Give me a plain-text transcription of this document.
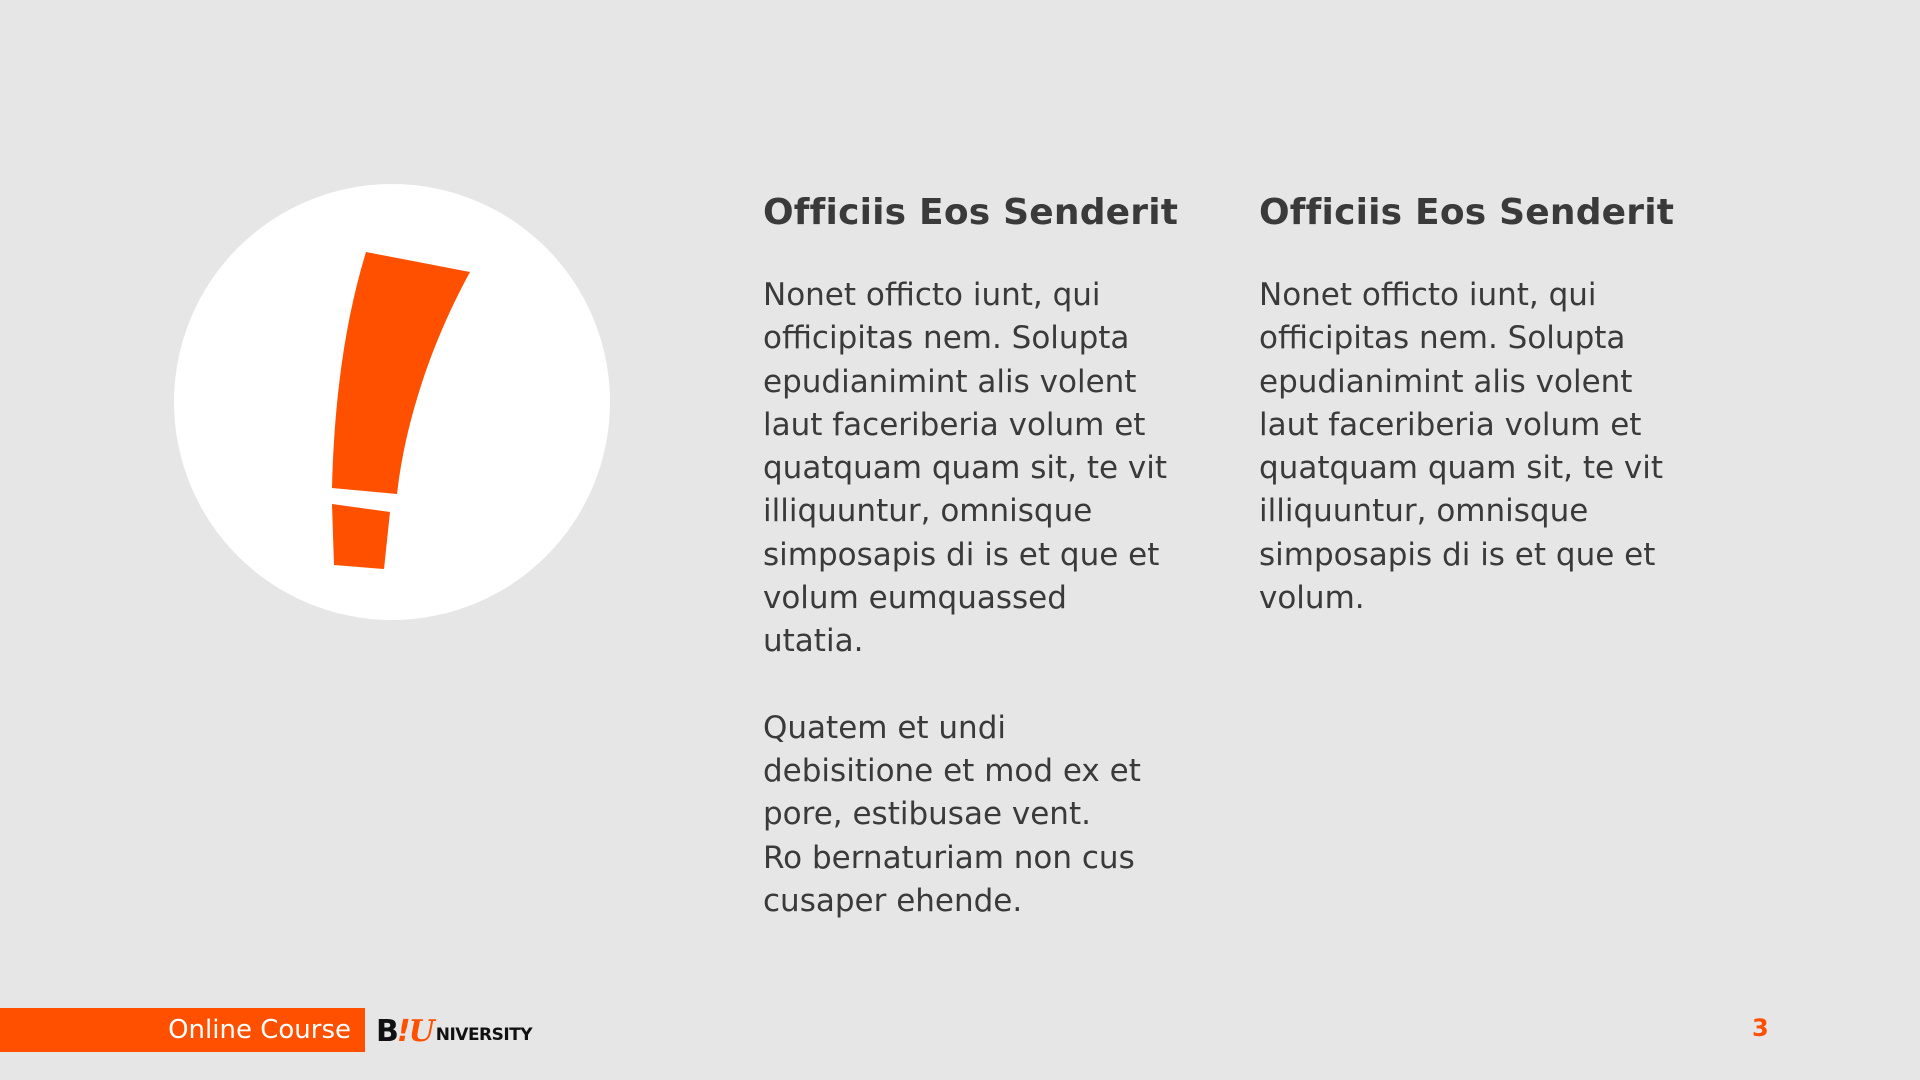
Officiis Eos Senderit

Nonet officto iunt, qui
officipitas nem. Solupta
epudianimint alis volent
laut faceriberia volum et
quatquam quam sit, te vit
illiquuntur, omnisque
simposapis di is et que et
volum eumquassed
utatia.

Quatem et undi
debisitione et mod ex et
pore, estibusae vent.
Ro bernaturiam non cus
cusaper ehende.

Officiis Eos Senderit

Nonet officto iunt, qui
officipitas nem. Solupta
epudianimint alis volent
laut faceriberia volum et
quatquam quam sit, te vit
illiquuntur, omnisque
simposapis di is et que et
volum.

Online Course B
!
U NIVERSITY	3
